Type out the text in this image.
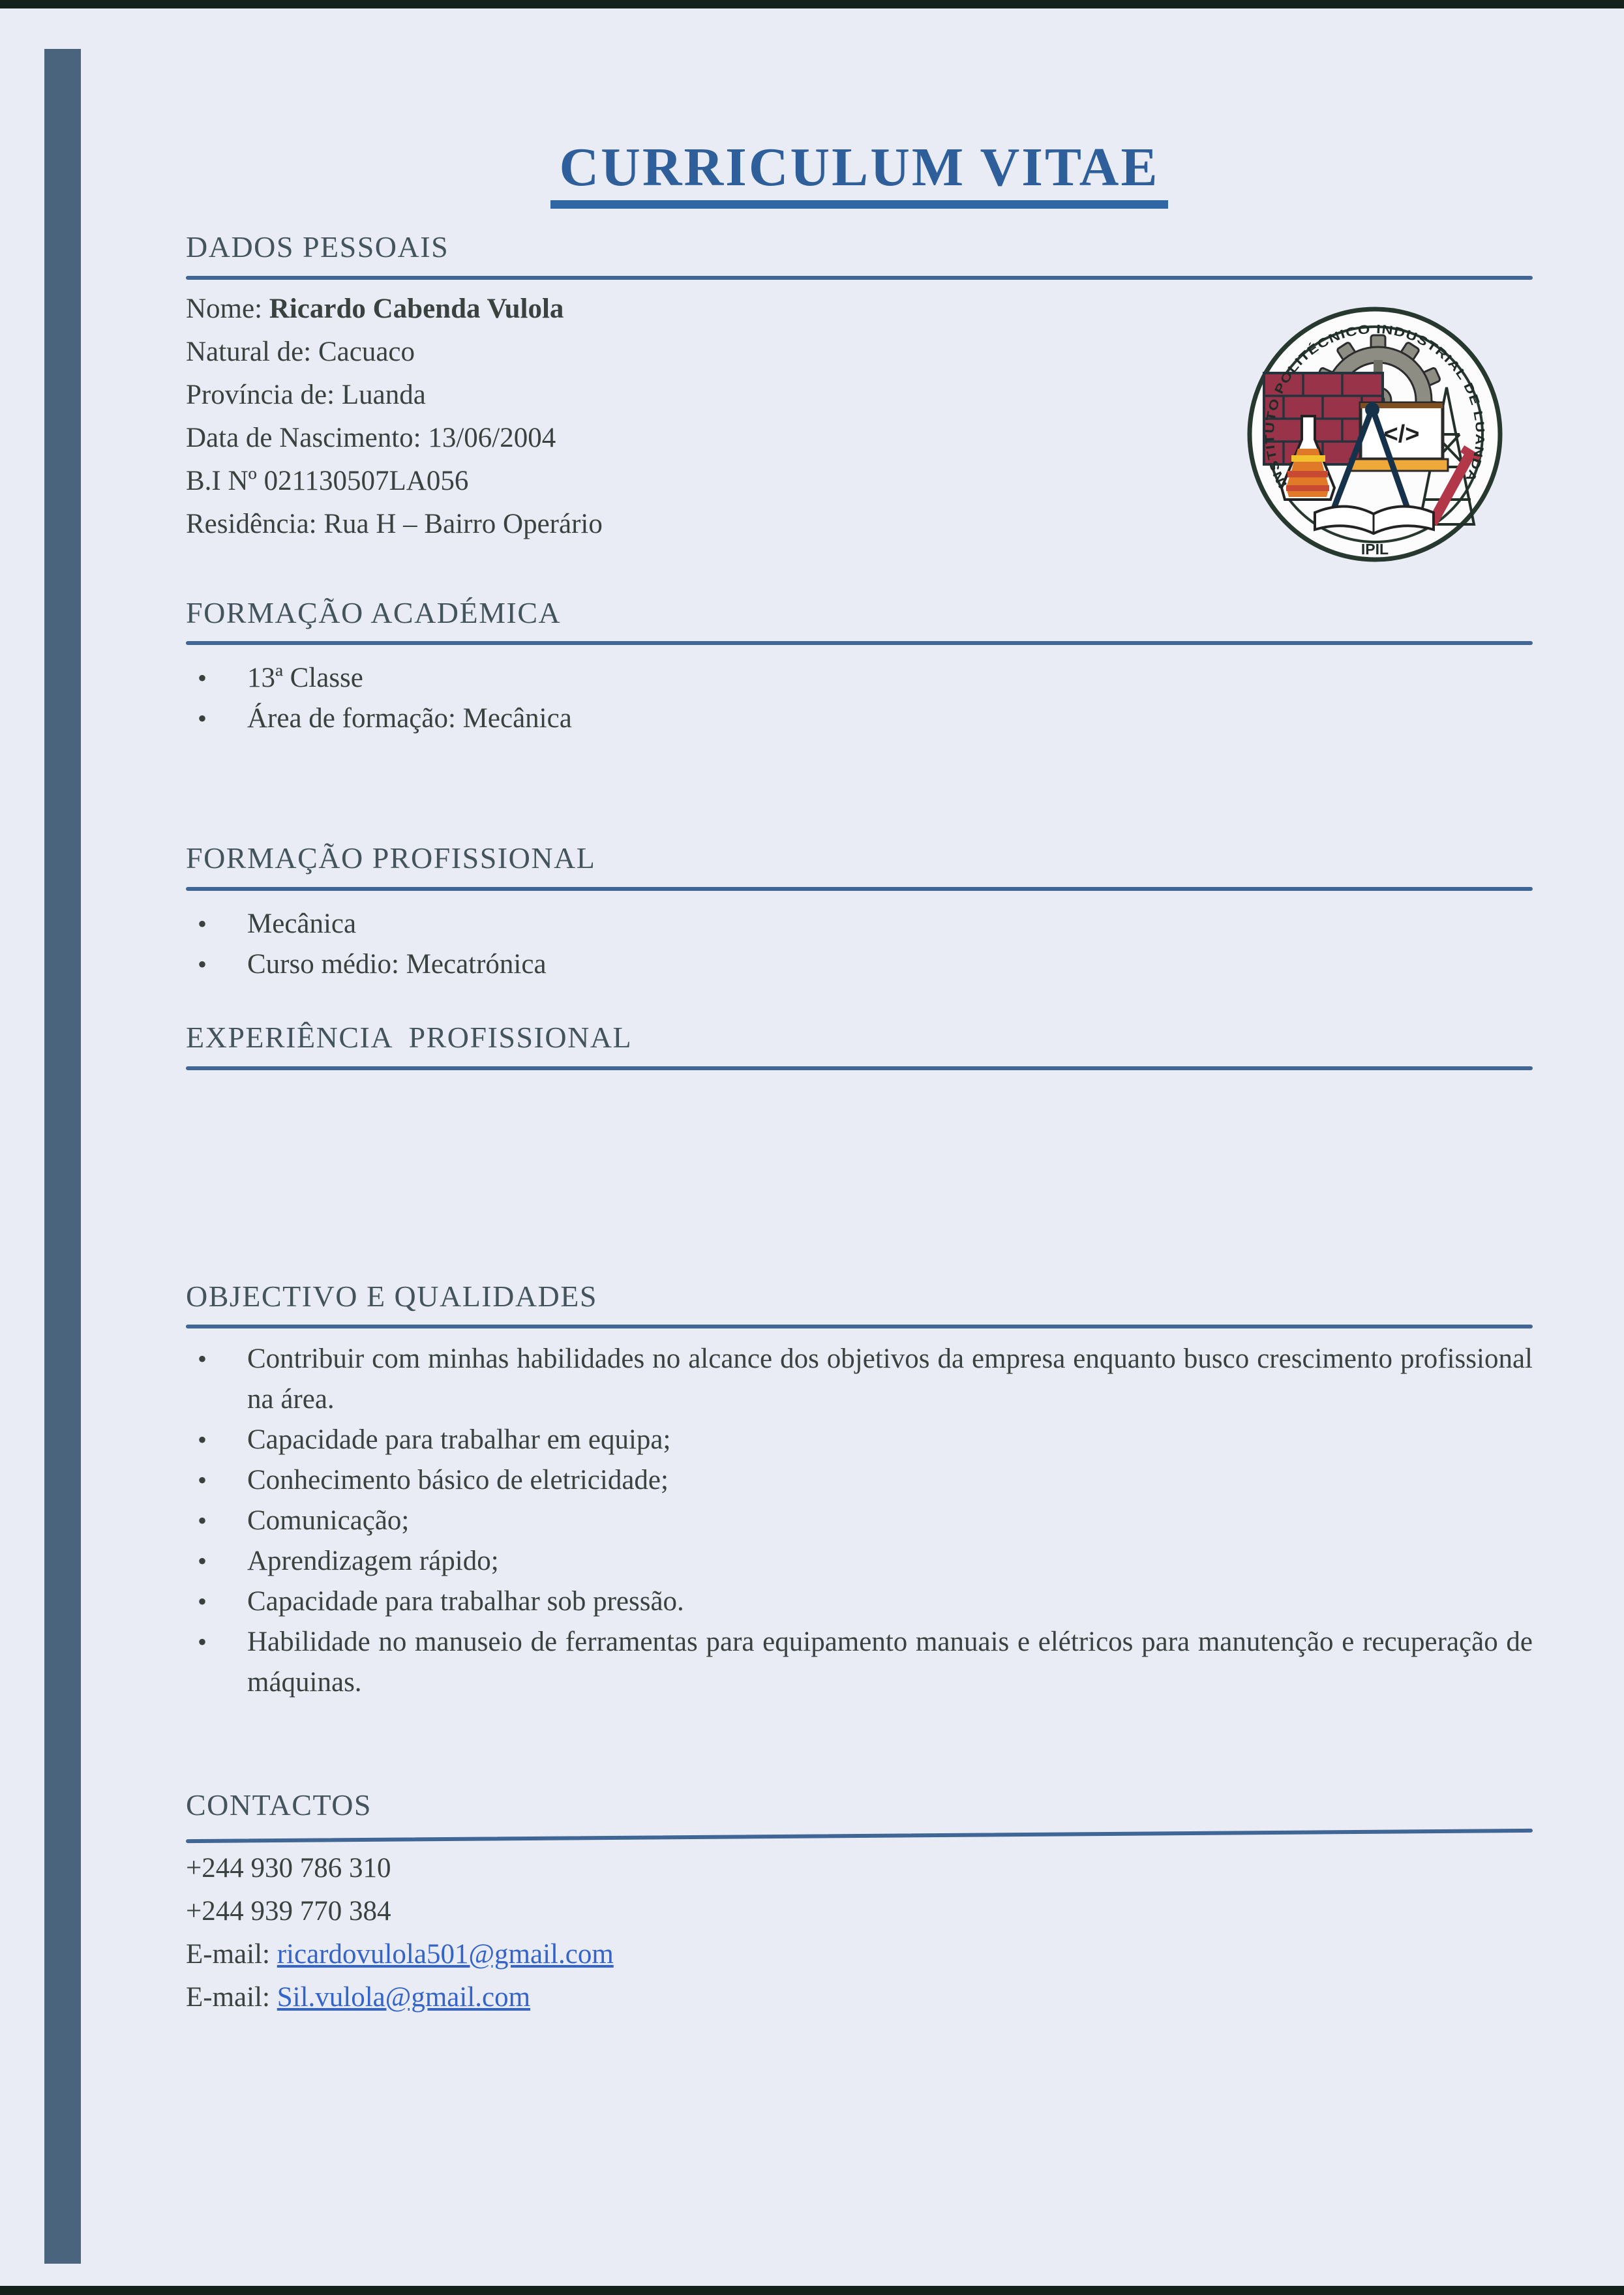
CURRICULUM VITAE
DADOS PESSOAIS
Nome: Ricardo Cabenda Vulola
Natural de: Cacuaco
Província de: Luanda
Data de Nascimento: 13/06/2004
B.I Nº 021130507LA056
Residência: Rua H – Bairro Operário
FORMAÇÃO ACADÉMICA
•	13ª Classe
•	Área de formação: Mecânica
FORMAÇÃO PROFISSIONAL
•	Mecânica
•	Curso médio: Mecatrónica
EXPERIÊNCIA  PROFISSIONAL
OBJECTIVO E QUALIDADES
•	Contribuir com minhas habilidades no alcance dos objetivos da empresa enquanto busco crescimento profissional na área.
•	Capacidade para trabalhar em equipa;
•	Conhecimento básico de eletricidade;
•	Comunicação;
•	Aprendizagem rápido;
•	Capacidade para trabalhar sob pressão.
•	Habilidade no manuseio de ferramentas para equipamento manuais e elétricos para manutenção e recuperação de máquinas.
CONTACTOS
+244 930 786 310
+244 939 770 384
E-mail: ricardovulola501@gmail.com
E-mail: Sil.vulola@gmail.com
</>
INSTITUTO POLITÉCNICO INDUSTRIAL DE LUANDA
IPIL
